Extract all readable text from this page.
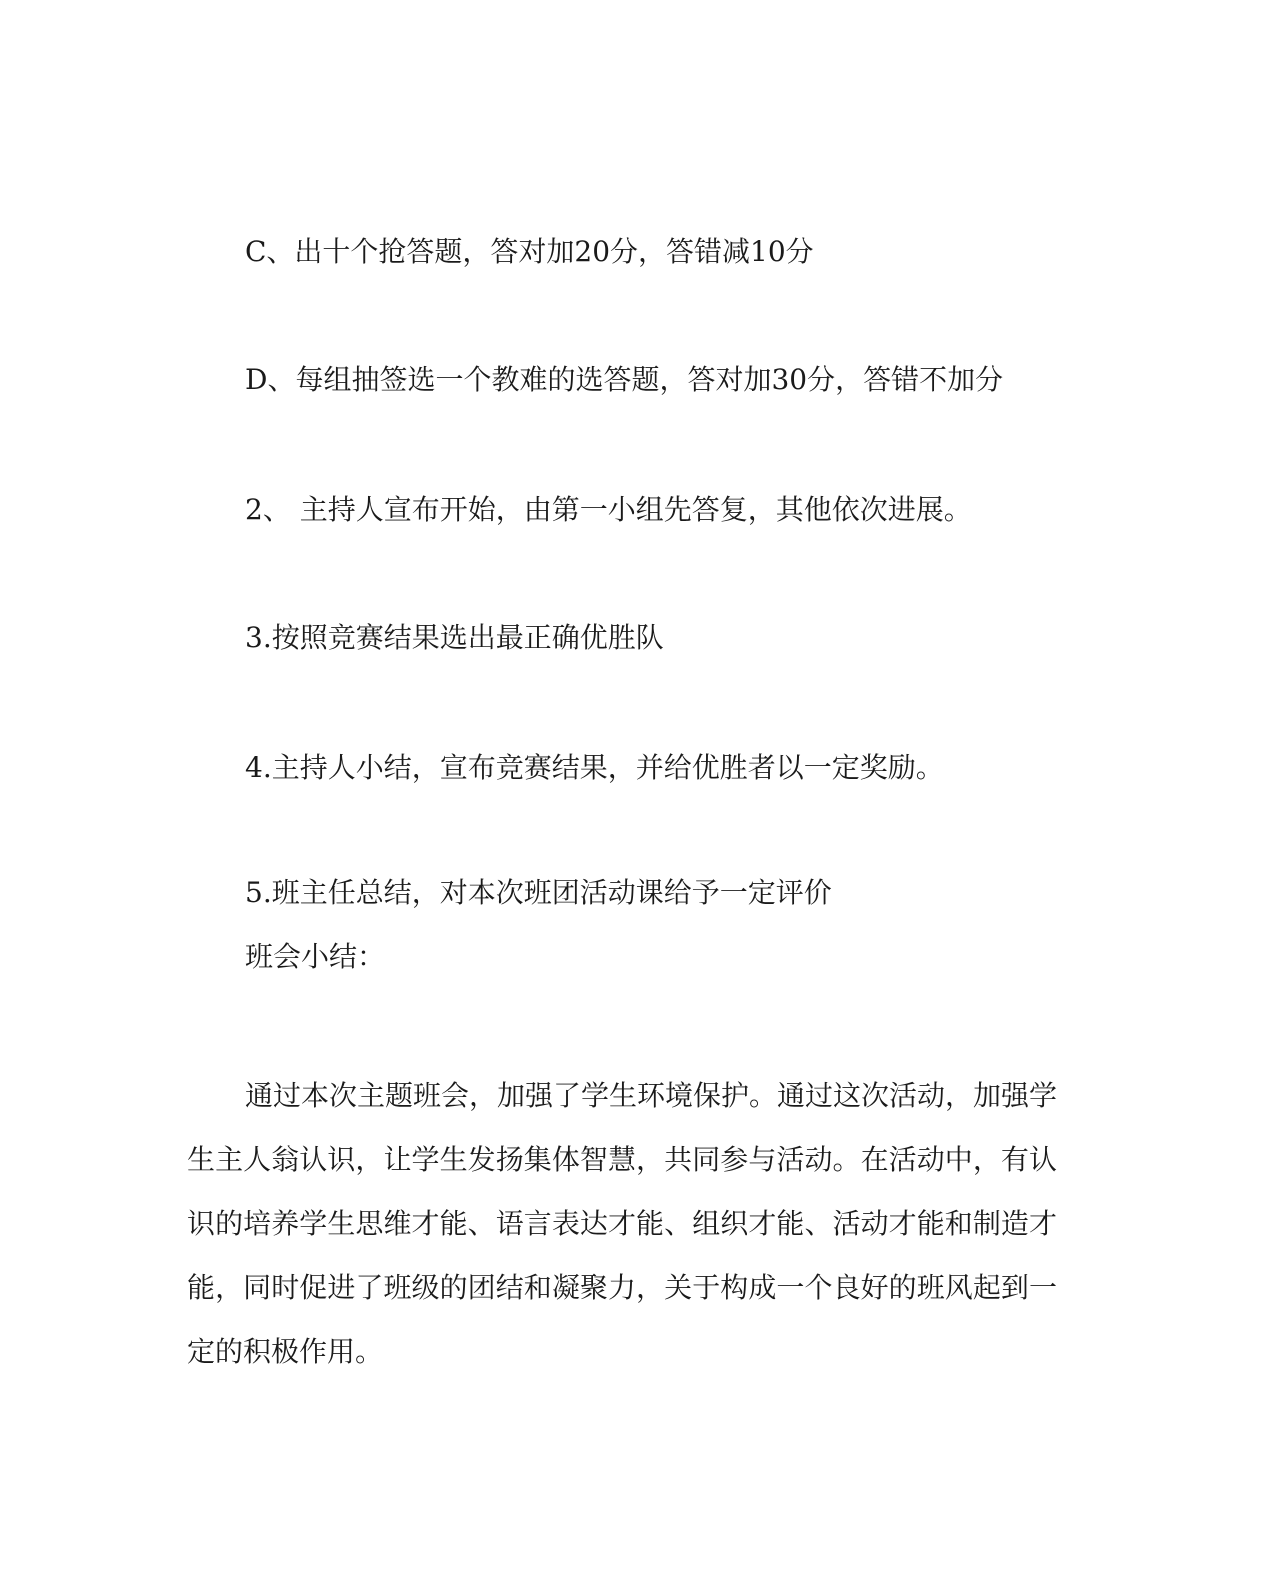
C、出十个抢答题，答对加20分，答错减10分

D、每组抽签选一个教难的选答题，答对加30分，答错不加分

2、 主持人宣布开始，由第一小组先答复，其他依次进展。

3.按照竞赛结果选出最正确优胜队

4.主持人小结，宣布竞赛结果，并给优胜者以一定奖励。

5.班主任总结，对本次班团活动课给予一定评价

班会小结：

通过本次主题班会，加强了学生环境保护。通过这次活动，加强学生主人翁认识，让学生发扬集体智慧，共同参与活动。在活动中，有认识的培养学生思维才能、语言表达才能、组织才能、活动才能和制造才能，同时促进了班级的团结和凝聚力，关于构成一个良好的班风起到一定的积极作用。
